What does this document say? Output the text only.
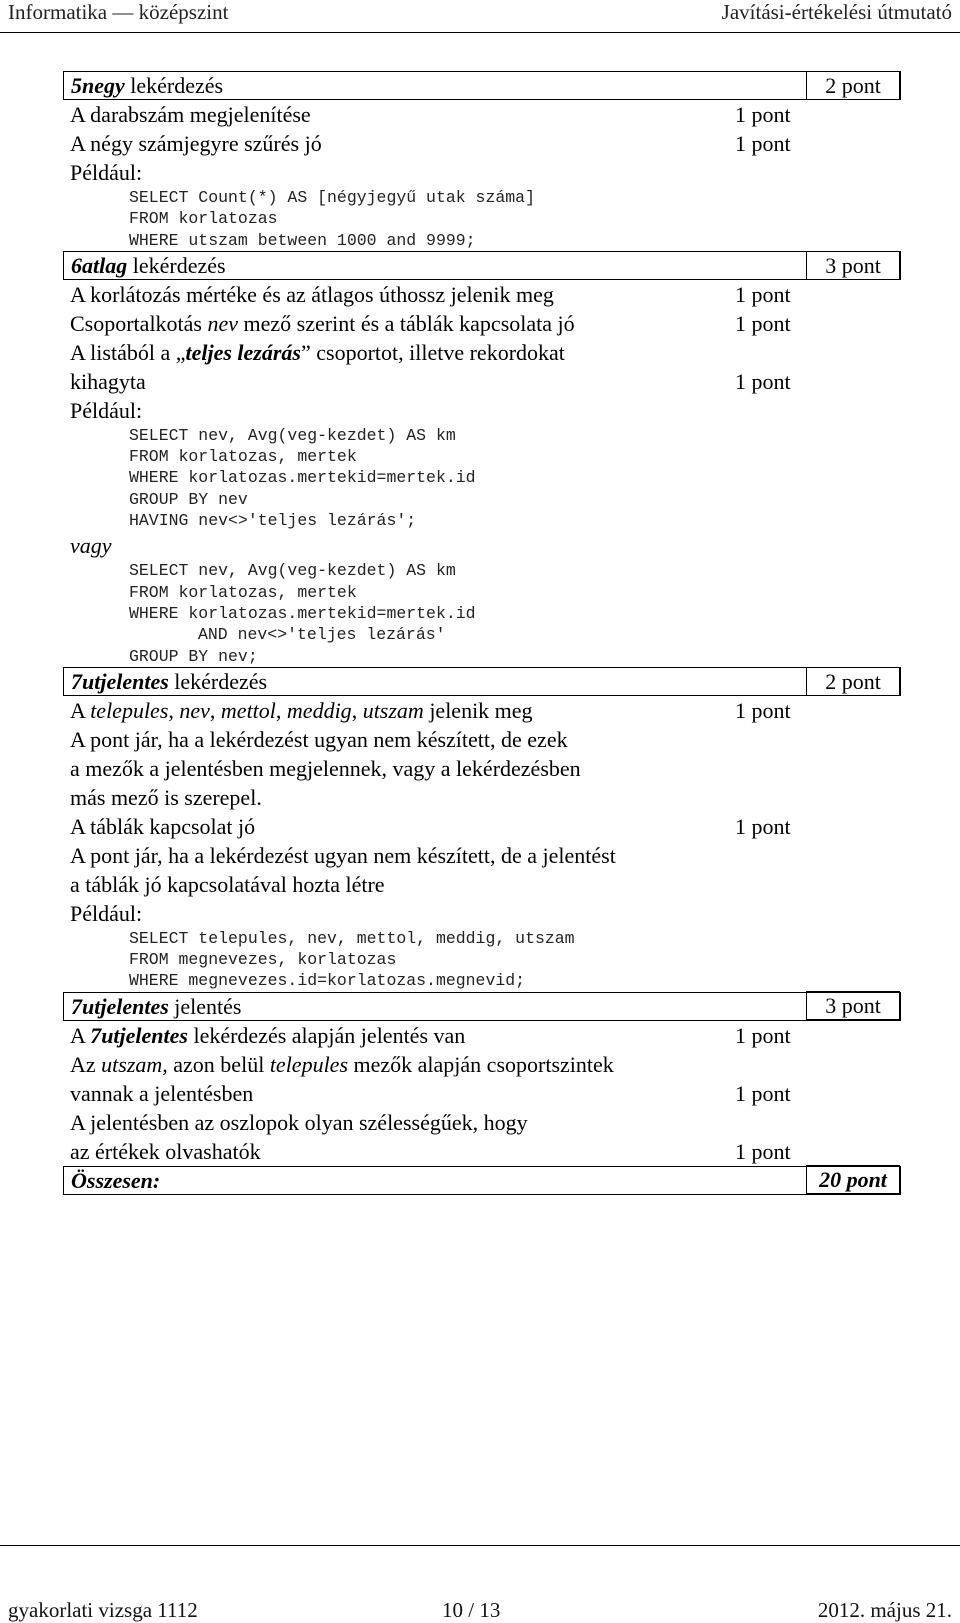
Informatika — középszint	Javítási-értékelési útmutató
5negy lekérdezés	2 pont
A darabszám megjelenítése	1 pont
A négy számjegyre szűrés jó	1 pont
Például:
SELECT Count(*) AS [négyjegyű utak száma]
FROM korlatozas
WHERE utszam between 1000 and 9999;
6atlag lekérdezés	3 pont
A korlátozás mértéke és az átlagos úthossz jelenik meg	1 pont
Csoportalkotás nev mező szerint és a táblák kapcsolata jó	1 pont
A listából a „teljes lezárás” csoportot, illetve rekordokat
kihagyta	1 pont
Például:
SELECT nev, Avg(veg-kezdet) AS km
FROM korlatozas, mertek
WHERE korlatozas.mertekid=mertek.id
GROUP BY nev
HAVING nev<>'teljes lezárás';
vagy
SELECT nev, Avg(veg-kezdet) AS km
FROM korlatozas, mertek
WHERE korlatozas.mertekid=mertek.id
AND nev<>'teljes lezárás'
GROUP BY nev;
7utjelentes lekérdezés	2 pont
A telepules, nev, mettol, meddig, utszam jelenik meg	1 pont
A pont jár, ha a lekérdezést ugyan nem készített, de ezek
a mezők a jelentésben megjelennek, vagy a lekérdezésben
más mező is szerepel.
A táblák kapcsolat jó	1 pont
A pont jár, ha a lekérdezést ugyan nem készített, de a jelentést
a táblák jó kapcsolatával hozta létre
Például:
SELECT telepules, nev, mettol, meddig, utszam
FROM megnevezes, korlatozas
WHERE megnevezes.id=korlatozas.megnevid;
7utjelentes jelentés	3 pont
A 7utjelentes lekérdezés alapján jelentés van	1 pont
Az utszam, azon belül telepules mezők alapján csoportszintek
vannak a jelentésben	1 pont
A jelentésben az oszlopok olyan szélességűek, hogy
az értékek olvashatók	1 pont
Összesen:	20 pont
gyakorlati vizsga 1112	10 / 13	2012. május 21.
